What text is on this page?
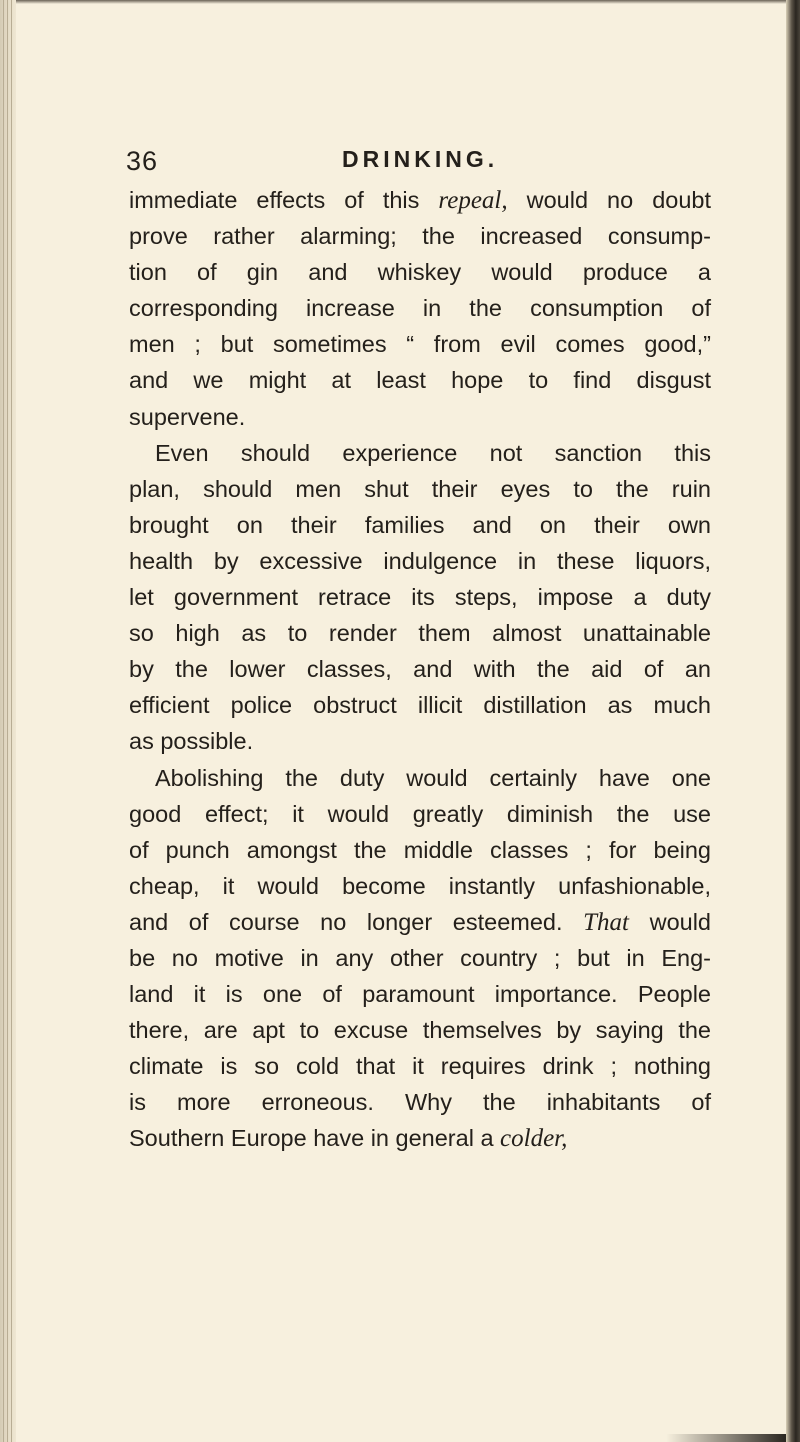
36	DRINKING.
immediate effects of this repeal, would no doubt
prove rather alarming; the increased consump-
tion of gin and whiskey would produce a
corresponding increase in the consumption of
men ; but sometimes “ from evil comes good,”
and we might at least hope to find disgust
supervene.
Even should experience not sanction this
plan, should men shut their eyes to the ruin
brought on their families and on their own
health by excessive indulgence in these liquors,
let government retrace its steps, impose a duty
so high as to render them almost unattainable
by the lower classes, and with the aid of an
efficient police obstruct illicit distillation as much
as possible.
Abolishing the duty would certainly have one
good effect; it would greatly diminish the use
of punch amongst the middle classes ; for being
cheap, it would become instantly unfashionable,
and of course no longer esteemed. That would
be no motive in any other country ; but in Eng-
land it is one of paramount importance. People
there, are apt to excuse themselves by saying the
climate is so cold that it requires drink ; nothing
is more erroneous. Why the inhabitants of
Southern Europe have in general a colder,
